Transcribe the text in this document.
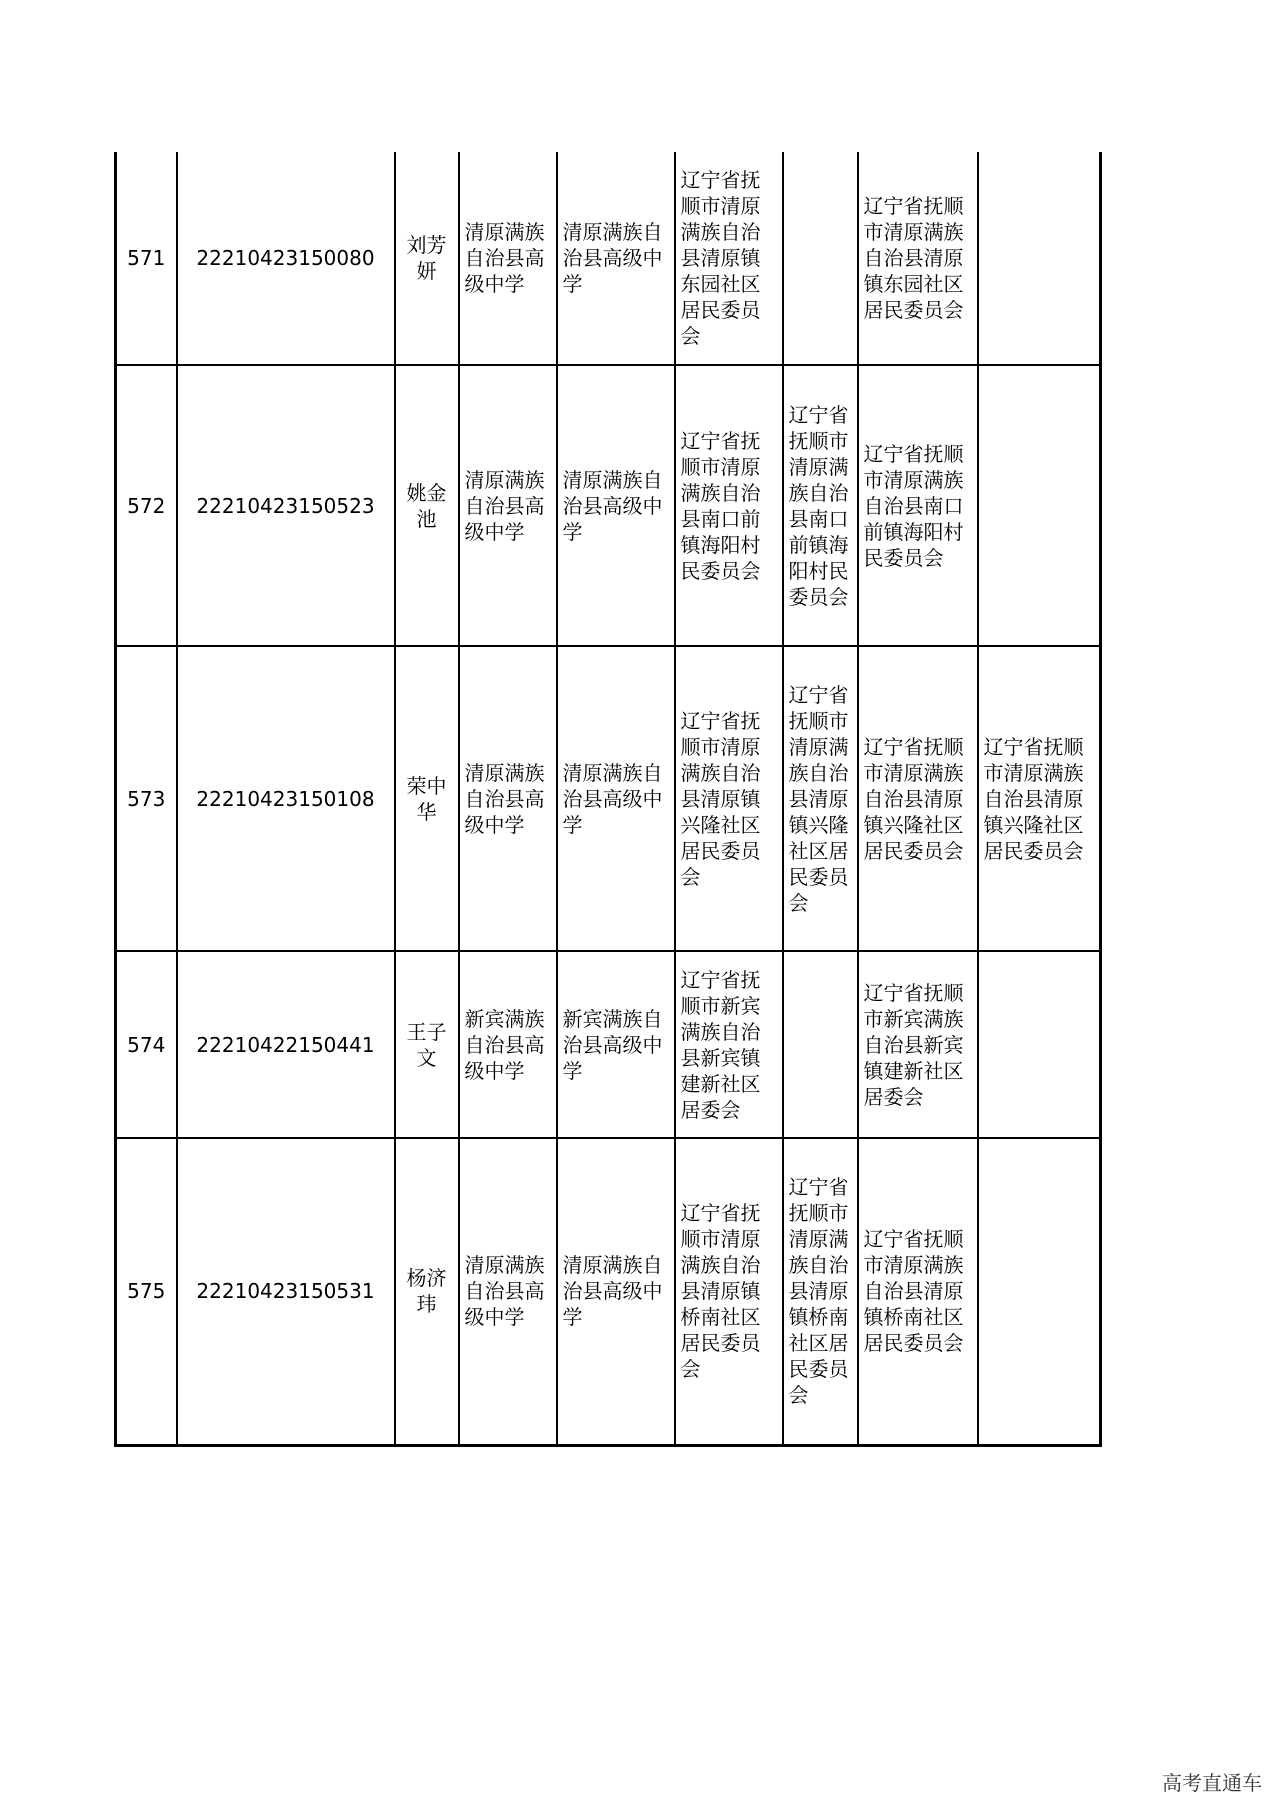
571	22210423150080	刘芳妍	清原满族自治县高级中学	清原满族自治县高级中学	辽宁省抚顺市清原满族自治县清原镇东园社区居民委员会		辽宁省抚顺市清原满族自治县清原镇东园社区居民委员会	
572	22210423150523	姚金池	清原满族自治县高级中学	清原满族自治县高级中学	辽宁省抚顺市清原满族自治县南口前镇海阳村民委员会	辽宁省抚顺市清原满族自治县南口前镇海阳村民委员会	辽宁省抚顺市清原满族自治县南口前镇海阳村民委员会	
573	22210423150108	荣中华	清原满族自治县高级中学	清原满族自治县高级中学	辽宁省抚顺市清原满族自治县清原镇兴隆社区居民委员会	辽宁省抚顺市清原满族自治县清原镇兴隆社区居民委员会	辽宁省抚顺市清原满族自治县清原镇兴隆社区居民委员会	辽宁省抚顺市清原满族自治县清原镇兴隆社区居民委员会
574	22210422150441	王子文	新宾满族自治县高级中学	新宾满族自治县高级中学	辽宁省抚顺市新宾满族自治县新宾镇建新社区居委会		辽宁省抚顺市新宾满族自治县新宾镇建新社区居委会	
575	22210423150531	杨济玮	清原满族自治县高级中学	清原满族自治县高级中学	辽宁省抚顺市清原满族自治县清原镇桥南社区居民委员会	辽宁省抚顺市清原满族自治县清原镇桥南社区居民委员会	辽宁省抚顺市清原满族自治县清原镇桥南社区居民委员会	
高考直通车
